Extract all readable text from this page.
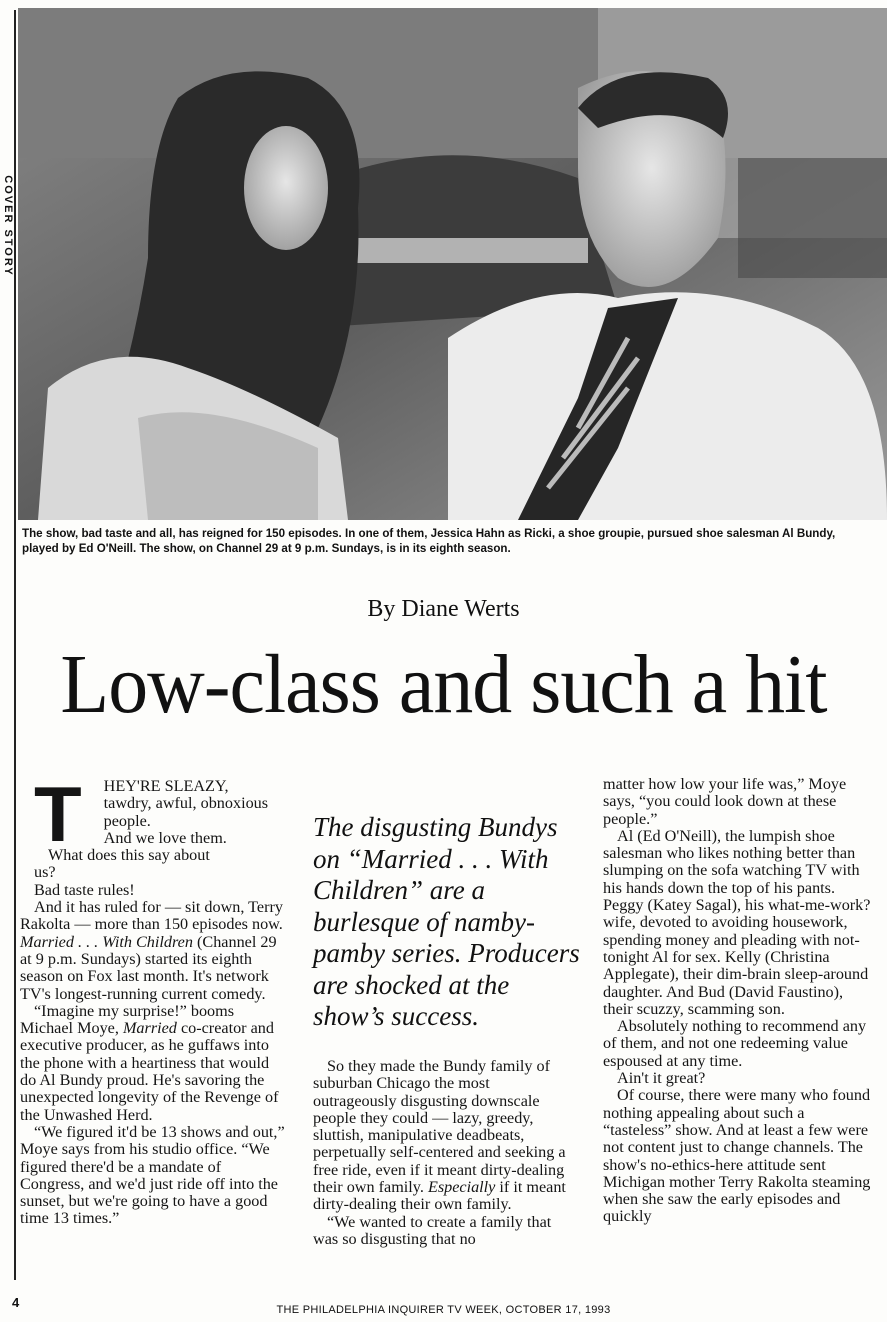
COVER STORY
The show, bad taste and all, has reigned for 150 episodes. In one of them, Jessica Hahn as Ricki, a shoe groupie, pursued shoe salesman Al Bundy, played by Ed O'Neill. The show, on Channel 29 at 9 p.m. Sundays, is in its eighth season.
By Diane Werts
Low-class and such a hit

T	HEY'RE SLEAZY,
tawdry, awful, obnoxious
people.
And we love them.
What does this say about
us?

Bad taste rules!

And it has ruled for — sit down, Terry Rakolta — more than 150 episodes now. Married . . . With Children (Channel 29 at 9 p.m. Sundays) started its eighth season on Fox last month. It's network TV's longest-running current comedy.

“Imagine my surprise!” booms Michael Moye, Married co-creator and executive producer, as he guffaws into the phone with a heartiness that would do Al Bundy proud. He's savoring the unexpected longevity of the Revenge of the Unwashed Herd.

“We figured it'd be 13 shows and out,” Moye says from his studio office. “We figured there'd be a mandate of Congress, and we'd just ride off into the sunset, but we're going to have a good time 13 times.”

The disgusting Bundys on “Married . . . With Children” are a burlesque of namby-pamby series. Producers are shocked at the show’s success.

So they made the Bundy family of suburban Chicago the most outrageously disgusting downscale people they could — lazy, greedy, sluttish, manipulative deadbeats, perpetually self-centered and seeking a free ride, even if it meant dirty-dealing their own family. Especially if it meant dirty-dealing their own family.

“We wanted to create a family that was so disgusting that no

matter how low your life was,” Moye says, “you could look down at these people.”

Al (Ed O'Neill), the lumpish shoe salesman who likes nothing better than slumping on the sofa watching TV with his hands down the top of his pants. Peggy (Katey Sagal), his what-me-work? wife, devoted to avoiding housework, spending money and pleading with not-tonight Al for sex. Kelly (Christina Applegate), their dim-brain sleep-around daughter. And Bud (David Faustino), their scuzzy, scamming son.

Absolutely nothing to recommend any of them, and not one redeeming value espoused at any time.

Ain't it great?

Of course, there were many who found nothing appealing about such a “tasteless” show. And at least a few were not content just to change channels. The show's no-ethics-here attitude sent Michigan mother Terry Rakolta steaming when she saw the early episodes and quickly

4	THE PHILADELPHIA INQUIRER TV WEEK, OCTOBER 17, 1993
